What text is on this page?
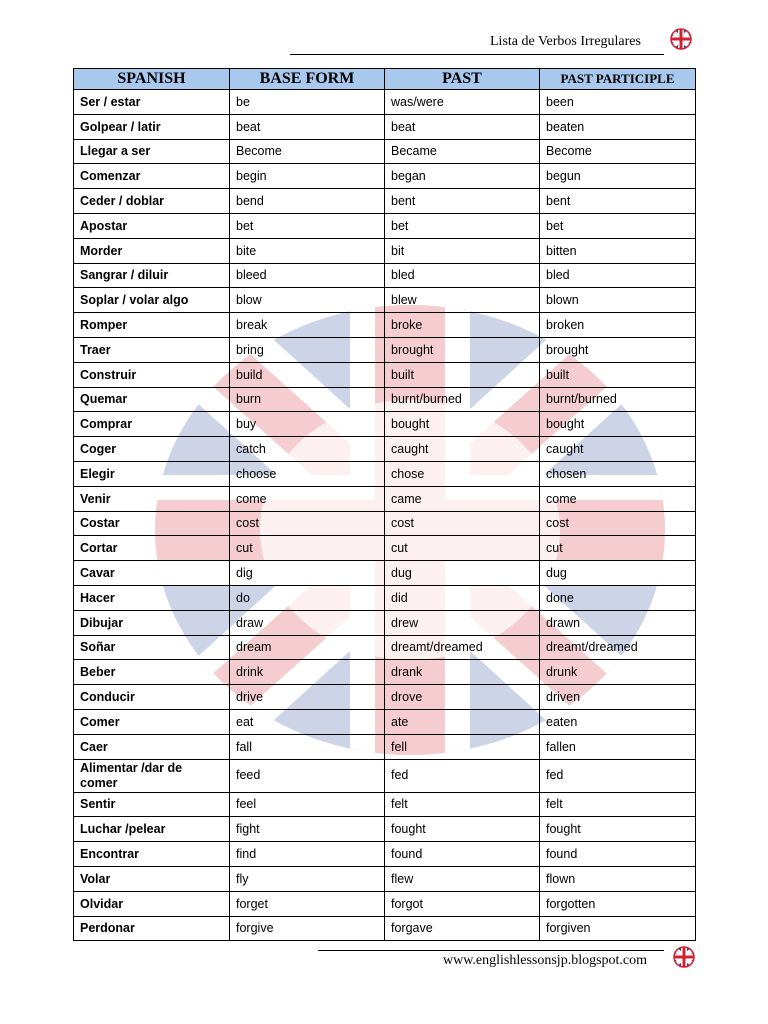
Lista de Verbos Irregulares
SPANISH	BASE FORM	PAST	PAST PARTICIPLE
Ser / estar	be	was/were	been
Golpear / latir	beat	beat	beaten
Llegar a ser	Become	Became	Become
Comenzar	begin	began	begun
Ceder / doblar	bend	bent	bent
Apostar	bet	bet	bet
Morder	bite	bit	bitten
Sangrar / diluir	bleed	bled	bled
Soplar / volar algo	blow	blew	blown
Romper	break	broke	broken
Traer	bring	brought	brought
Construir	build	built	built
Quemar	burn	burnt/burned	burnt/burned
Comprar	buy	bought	bought
Coger	catch	caught	caught
Elegir	choose	chose	chosen
Venir	come	came	come
Costar	cost	cost	cost
Cortar	cut	cut	cut
Cavar	dig	dug	dug
Hacer	do	did	done
Dibujar	draw	drew	drawn
Soñar	dream	dreamt/dreamed	dreamt/dreamed
Beber	drink	drank	drunk
Conducir	drive	drove	driven
Comer	eat	ate	eaten
Caer	fall	fell	fallen
Alimentar /dar de comer	feed	fed	fed
Sentir	feel	felt	felt
Luchar /pelear	fight	fought	fought
Encontrar	find	found	found
Volar	fly	flew	flown
Olvidar	forget	forgot	forgotten
Perdonar	forgive	forgave	forgiven
www.englishlessonsjp.blogspot.com
